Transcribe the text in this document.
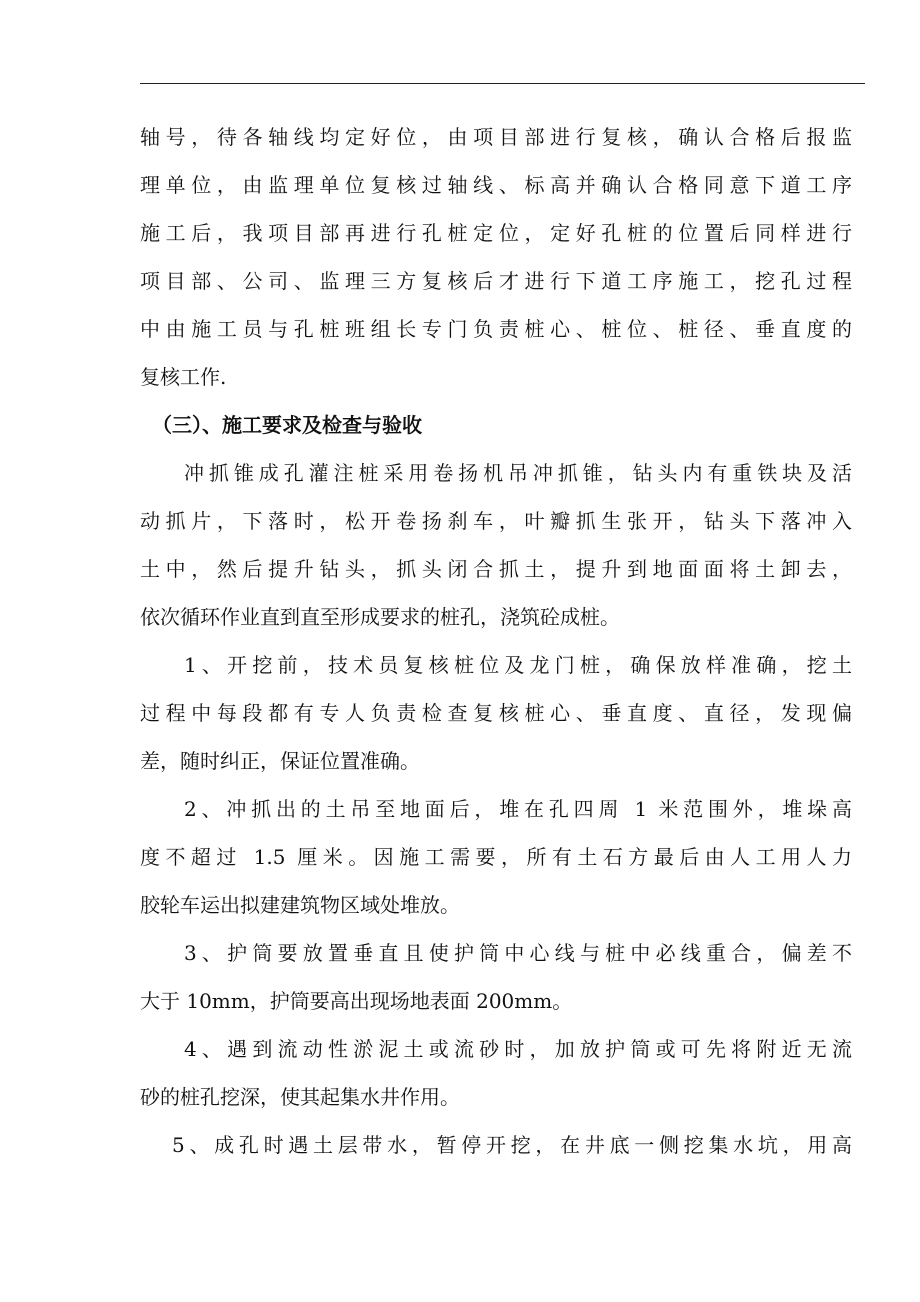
轴号，待各轴线均定好位，由项目部进行复核，确认合格后报监
理单位，由监理单位复核过轴线、标高并确认合格同意下道工序
施工后，我项目部再进行孔桩定位，定好孔桩的位置后同样进行
项目部、公司、监理三方复核后才进行下道工序施工，挖孔过程
中由施工员与孔桩班组长专门负责桩心、桩位、桩径、垂直度的
复核工作.
（三）、施工要求及检查与验收
冲抓锥成孔灌注桩采用卷扬机吊冲抓锥，钻头内有重铁块及活
动抓片，下落时，松开卷扬刹车，叶瓣抓生张开，钻头下落冲入
土中，然后提升钻头，抓头闭合抓土，提升到地面面将土卸去，
依次循环作业直到直至形成要求的桩孔，浇筑砼成桩。
1、开挖前，技术员复核桩位及龙门桩，确保放样准确，挖土
过程中每段都有专人负责检查复核桩心、垂直度、直径，发现偏
差，随时纠正，保证位置准确。
2、冲抓出的土吊至地面后，堆在孔四周 1 米范围外，堆垛高
度不超过 1.5 厘米。因施工需要，所有土石方最后由人工用人力
胶轮车运出拟建建筑物区域处堆放。
3、护筒要放置垂直且使护筒中心线与桩中必线重合，偏差不
大于 10mm，护筒要高出现场地表面 200mm。
4、遇到流动性淤泥土或流砂时，加放护筒或可先将附近无流
砂的桩孔挖深，使其起集水井作用。
5、成孔时遇土层带水，暂停开挖，在井底一侧挖集水坑，用高
